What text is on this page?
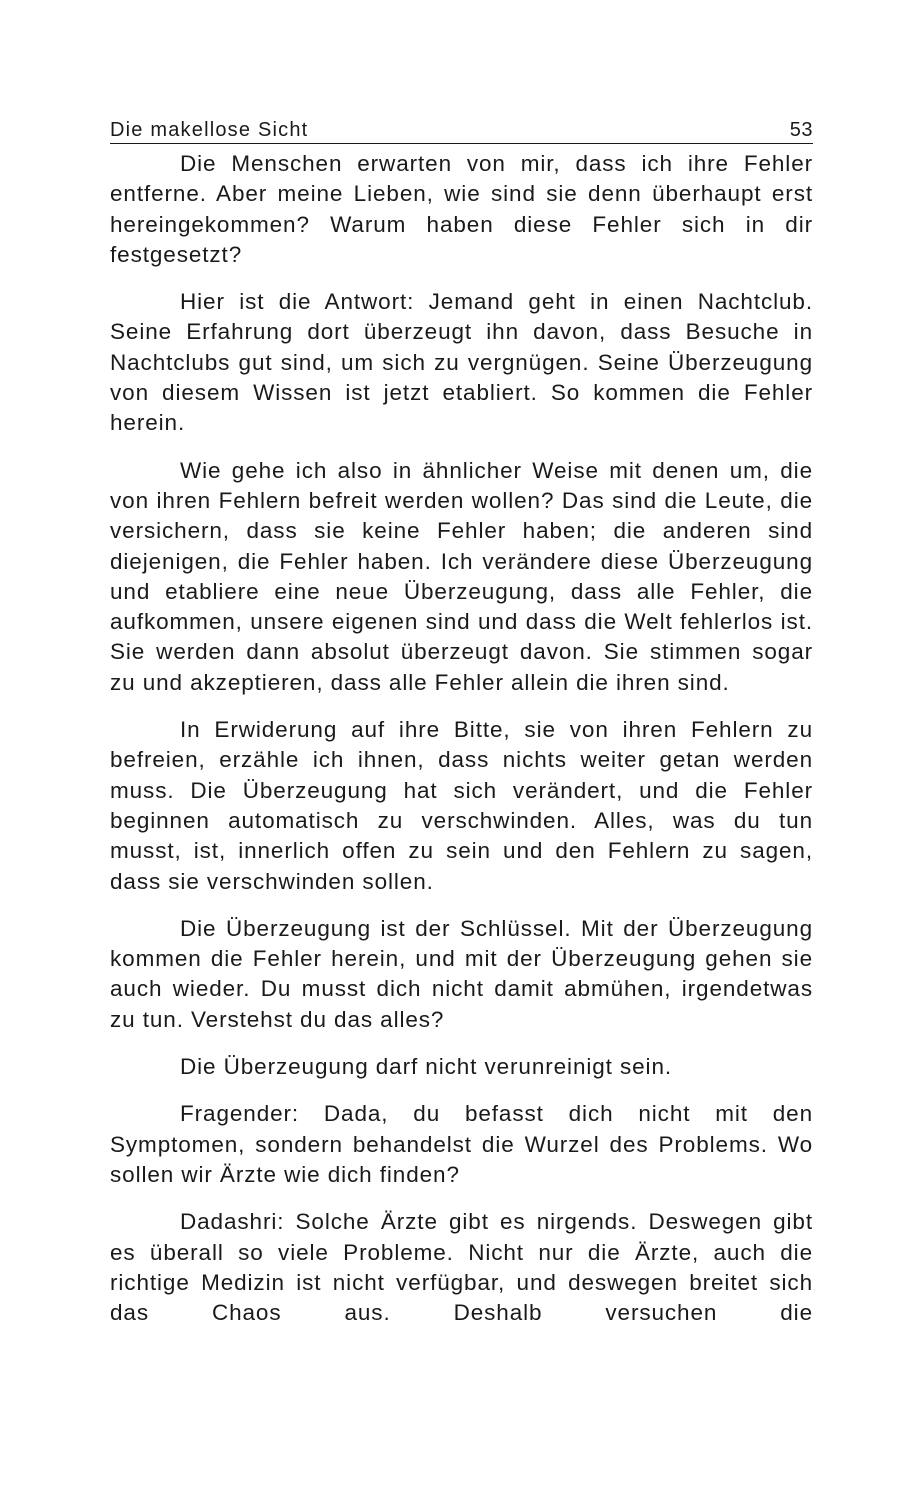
Die makellose Sicht	53

Die Menschen erwarten von mir, dass ich ihre Fehler entferne. Aber meine Lieben, wie sind sie denn überhaupt erst hereingekommen? Warum haben diese Fehler sich in dir festgesetzt?

Hier ist die Antwort: Jemand geht in einen Nachtclub. Seine Erfahrung dort überzeugt ihn davon, dass Besuche in Nachtclubs gut sind, um sich zu vergnügen. Seine Überzeugung von diesem Wissen ist jetzt etabliert. So kommen die Fehler herein.

Wie gehe ich also in ähnlicher Weise mit denen um, die von ihren Fehlern befreit werden wollen? Das sind die Leute, die versichern, dass sie keine Fehler haben; die anderen sind diejenigen, die Fehler haben. Ich verändere diese Überzeugung und etabliere eine neue Überzeugung, dass alle Fehler, die aufkommen, unsere eigenen sind und dass die Welt fehlerlos ist. Sie werden dann absolut überzeugt davon. Sie stimmen sogar zu und akzeptieren, dass alle Fehler allein die ihren sind.

In Erwiderung auf ihre Bitte, sie von ihren Fehlern zu befreien, erzähle ich ihnen, dass nichts weiter getan werden muss. Die Überzeugung hat sich verändert, und die Fehler beginnen automatisch zu verschwinden. Alles, was du tun musst, ist, innerlich offen zu sein und den Fehlern zu sagen, dass sie verschwinden sollen.

Die Überzeugung ist der Schlüssel. Mit der Überzeugung kommen die Fehler herein, und mit der Überzeugung gehen sie auch wieder. Du musst dich nicht damit abmühen, irgendetwas zu tun. Verstehst du das alles?

Die Überzeugung darf nicht verunreinigt sein.

Fragender: Dada, du befasst dich nicht mit den Symptomen, sondern behandelst die Wurzel des Problems. Wo sollen wir Ärzte wie dich finden?

Dadashri: Solche Ärzte gibt es nirgends. Deswegen gibt es überall so viele Probleme. Nicht nur die Ärzte, auch die richtige Medizin ist nicht verfügbar, und deswegen breitet sich das Chaos aus. Deshalb versuchen die
